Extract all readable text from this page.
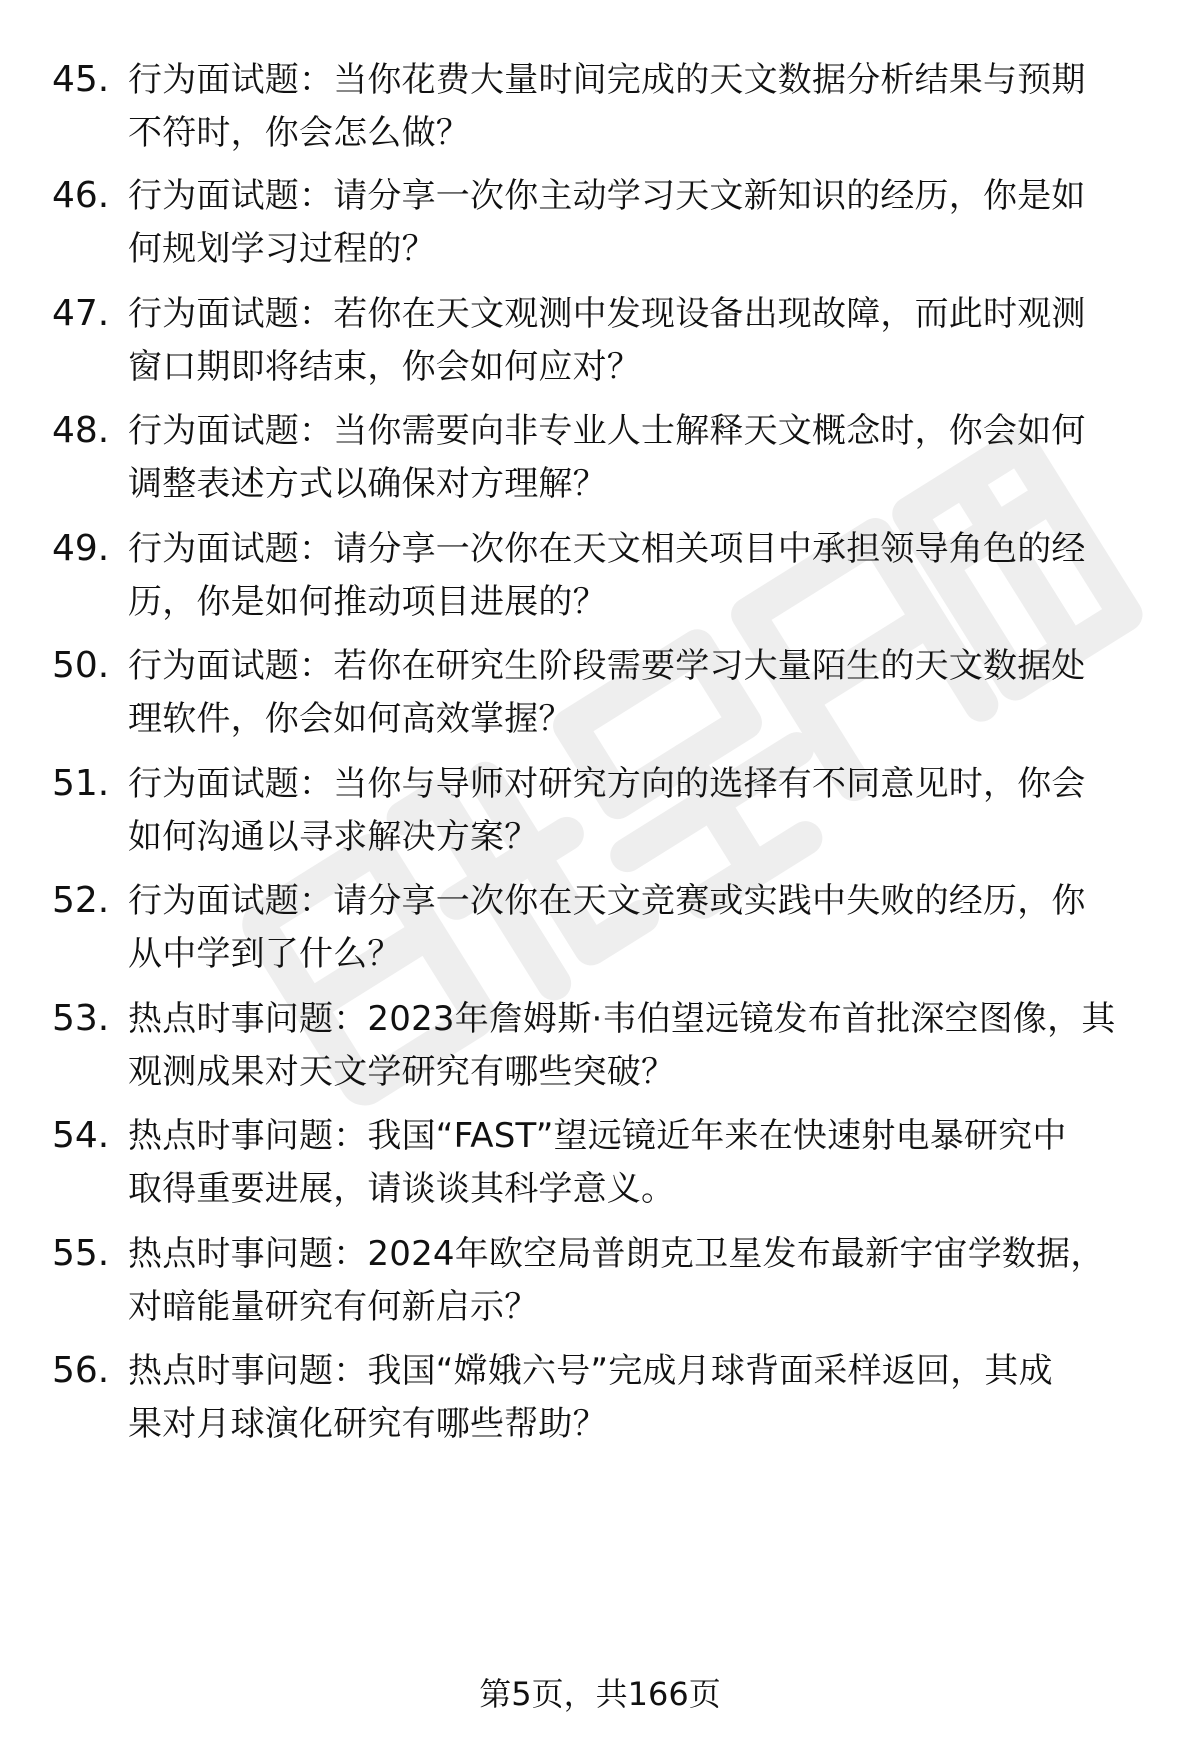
45. 行为面试题：当你花费大量时间完成的天文数据分析结果与预期
不符时，你会怎么做？
46. 行为面试题：请分享一次你主动学习天文新知识的经历，你是如
何规划学习过程的？
47. 行为面试题：若你在天文观测中发现设备出现故障，而此时观测
窗口期即将结束，你会如何应对？
48. 行为面试题：当你需要向非专业人士解释天文概念时，你会如何
调整表述方式以确保对方理解？
49. 行为面试题：请分享一次你在天文相关项目中承担领导角色的经
历，你是如何推动项目进展的？
50. 行为面试题：若你在研究生阶段需要学习大量陌生的天文数据处
理软件，你会如何高效掌握？
51. 行为面试题：当你与导师对研究方向的选择有不同意见时，你会
如何沟通以寻求解决方案？
52. 行为面试题：请分享一次你在天文竞赛或实践中失败的经历，你
从中学到了什么？
53. 热点时事问题：2023年詹姆斯·韦伯望远镜发布首批深空图像，其
观测成果对天文学研究有哪些突破？
54. 热点时事问题：我国“FAST”望远镜近年来在快速射电暴研究中
取得重要进展，请谈谈其科学意义。
55. 热点时事问题：2024年欧空局普朗克卫星发布最新宇宙学数据，
对暗能量研究有何新启示？
56. 热点时事问题：我国“嫦娥六号”完成月球背面采样返回，其成
果对月球演化研究有哪些帮助？
第5页，共166页
